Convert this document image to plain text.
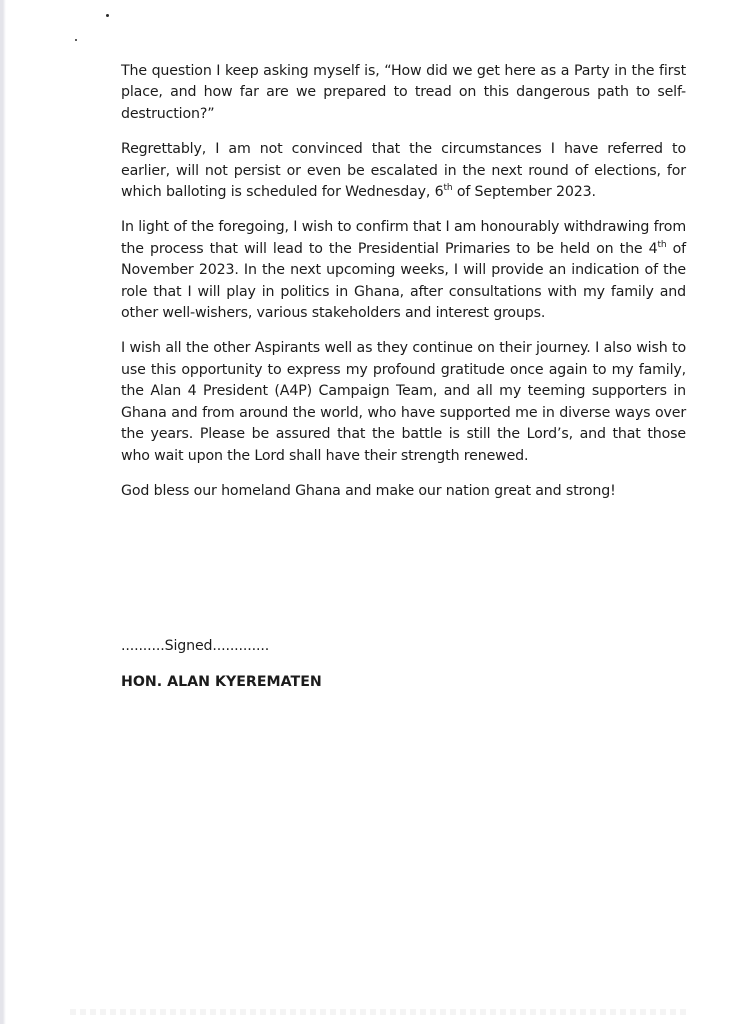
The question I keep asking myself is, “How did we get here as a Party in the first place, and how far are we prepared to tread on this dangerous path to self-destruction?”

Regrettably, I am not convinced that the circumstances I have referred to earlier, will not persist or even be escalated in the next round of elections, for which balloting is scheduled for Wednesday, 6th of September 2023.

In light of the foregoing, I wish to confirm that I am honourably withdrawing from the process that will lead to the Presidential Primaries to be held on the 4th of November 2023. In the next upcoming weeks, I will provide an indication of the role that I will play in politics in Ghana, after consultations with my family and other well-wishers, various stakeholders and interest groups.

I wish all the other Aspirants well as they continue on their journey. I also wish to use this opportunity to express my profound gratitude once again to my family, the Alan 4 President (A4P) Campaign Team, and all my teeming supporters in Ghana and from around the world, who have supported me in diverse ways over the years. Please be assured that the battle is still the Lord’s, and that those who wait upon the Lord shall have their strength renewed.

God bless our homeland Ghana and make our nation great and strong!

..........Signed.............

HON. ALAN KYEREMATEN
